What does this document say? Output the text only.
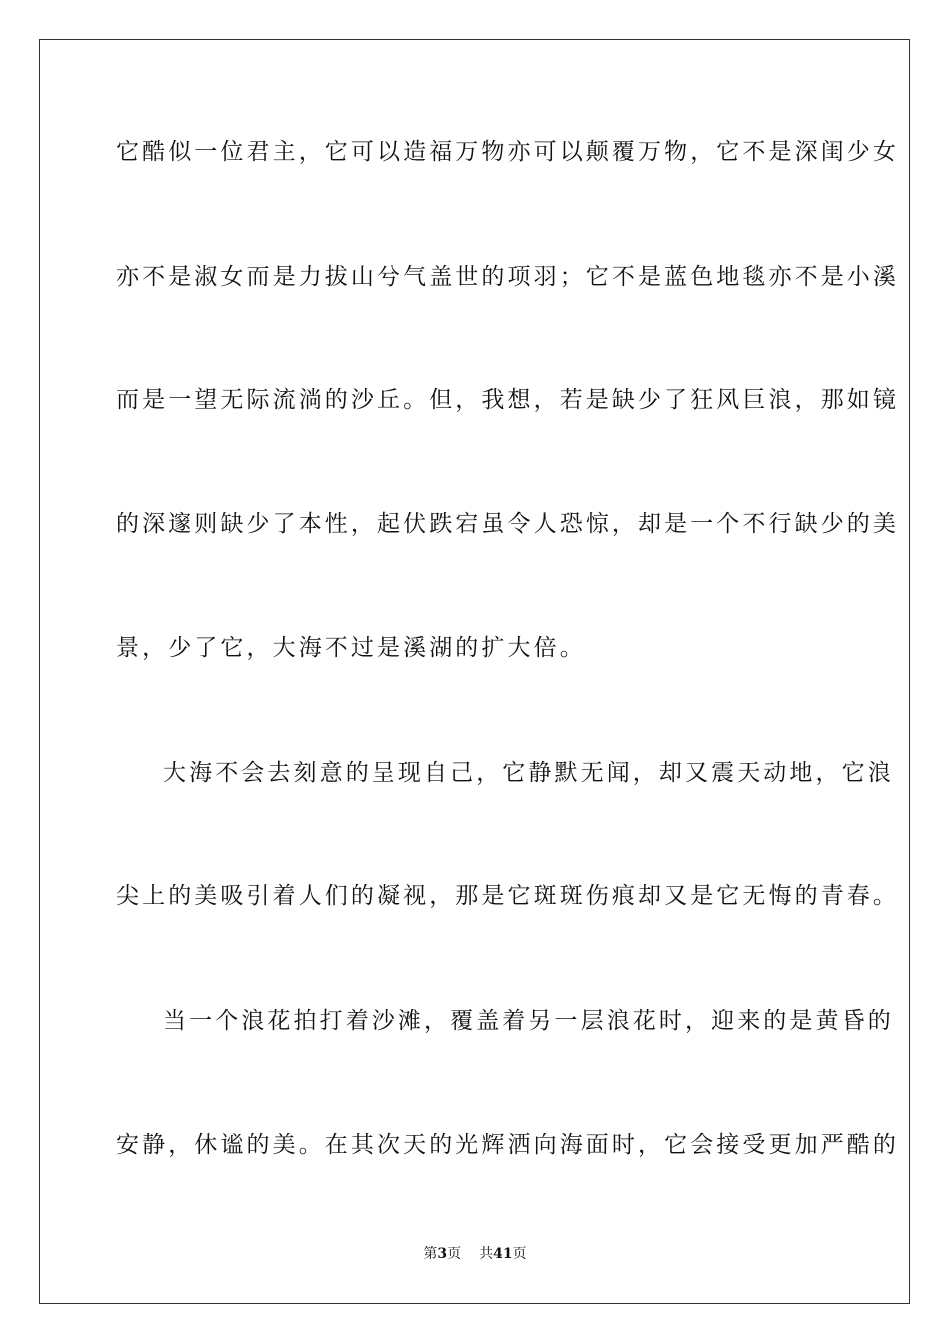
它酷似一位君主，它可以造福万物亦可以颠覆万物，它不是深闺少女
亦不是淑女而是力拔山兮气盖世的项羽；它不是蓝色地毯亦不是小溪
而是一望无际流淌的沙丘。但，我想，若是缺少了狂风巨浪，那如镜
的深邃则缺少了本性，起伏跌宕虽令人恐惊，却是一个不行缺少的美
景，少了它，大海不过是溪湖的扩大倍。
大海不会去刻意的呈现自己，它静默无闻，却又震天动地，它浪
尖上的美吸引着人们的凝视，那是它斑斑伤痕却又是它无悔的青春。
当一个浪花拍打着沙滩，覆盖着另一层浪花时，迎来的是黄昏的
安静，休谧的美。在其次天的光辉洒向海面时，它会接受更加严酷的
第3页 共41页
